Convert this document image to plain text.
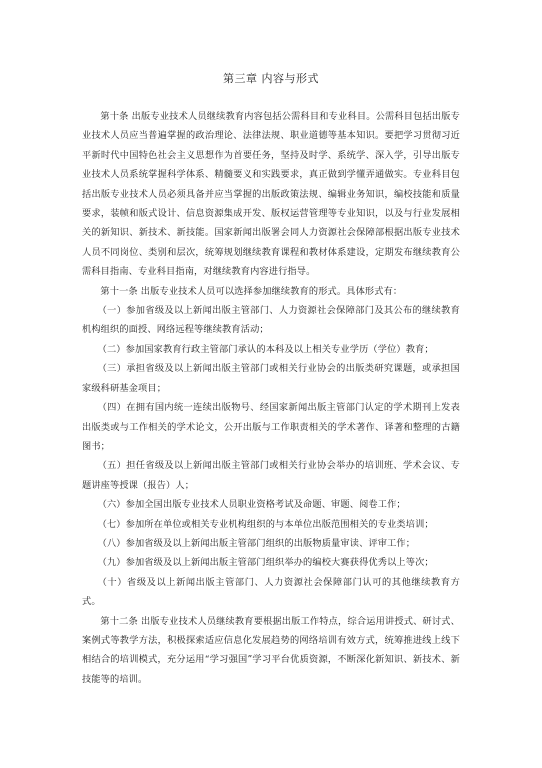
第三章 内容与形式

第十条 出版专业技术人员继续教育内容包括公需科目和专业科目。公需科目包括出版专业技术人员应当普遍掌握的政治理论、法律法规、职业道德等基本知识。要把学习贯彻习近平新时代中国特色社会主义思想作为首要任务，坚持及时学、系统学、深入学，引导出版专业技术人员系统掌握科学体系、精髓要义和实践要求，真正做到学懂弄通做实。专业科目包括出版专业技术人员必须具备并应当掌握的出版政策法规、编辑业务知识，编校技能和质量要求，装帧和版式设计、信息资源集成开发、版权运营管理等专业知识，以及与行业发展相关的新知识、新技术、新技能。国家新闻出版署会同人力资源社会保障部根据出版专业技术人员不同岗位、类别和层次，统筹规划继续教育课程和教材体系建设，定期发布继续教育公需科目指南、专业科目指南，对继续教育内容进行指导。

第十一条 出版专业技术人员可以选择参加继续教育的形式。具体形式有：

（一）参加省级及以上新闻出版主管部门、人力资源社会保障部门及其公布的继续教育机构组织的面授、网络远程等继续教育活动；

（二）参加国家教育行政主管部门承认的本科及以上相关专业学历（学位）教育；

（三）承担省级及以上新闻出版主管部门或相关行业协会的出版类研究课题，或承担国家级科研基金项目；

（四）在拥有国内统一连续出版物号、经国家新闻出版主管部门认定的学术期刊上发表出版类或与工作相关的学术论文，公开出版与工作职责相关的学术著作、译著和整理的古籍图书；

（五）担任省级及以上新闻出版主管部门或相关行业协会举办的培训班、学术会议、专题讲座等授课（报告）人；

（六）参加全国出版专业技术人员职业资格考试及命题、审题、阅卷工作；

（七）参加所在单位或相关专业机构组织的与本单位出版范围相关的专业类培训；

（八）参加省级及以上新闻出版主管部门组织的出版物质量审读、评审工作；

（九）参加省级及以上新闻出版主管部门组织举办的编校大赛获得优秀以上等次；

（十）省级及以上新闻出版主管部门、人力资源社会保障部门认可的其他继续教育方式。

第十二条 出版专业技术人员继续教育要根据出版工作特点，综合运用讲授式、研讨式、案例式等教学方法，积极探索适应信息化发展趋势的网络培训有效方式，统筹推进线上线下相结合的培训模式，充分运用“学习强国”学习平台优质资源，不断深化新知识、新技术、新技能等的培训。
